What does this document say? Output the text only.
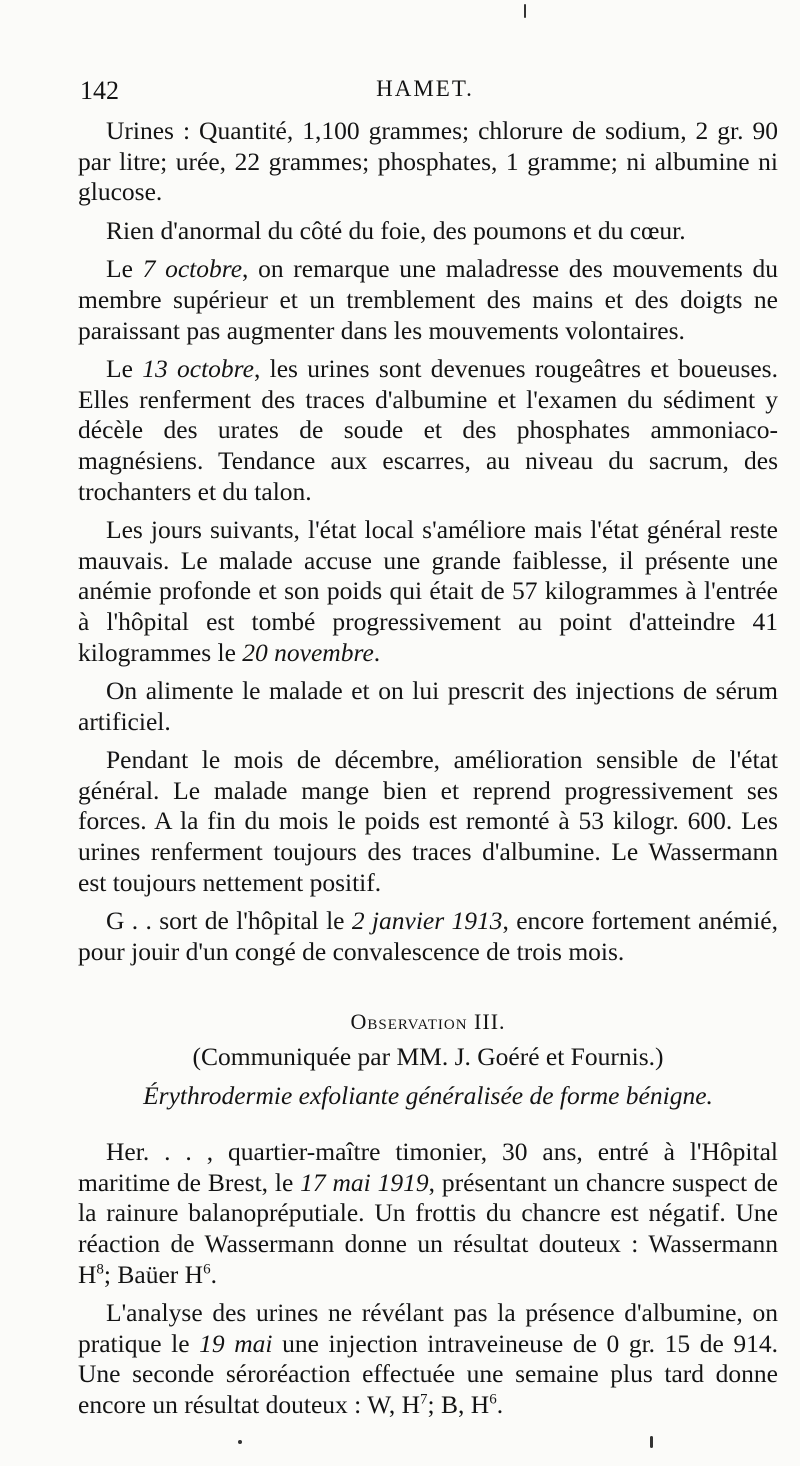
142	HAMET.

Urines : Quantité, 1,100 grammes; chlorure de sodium, 2 gr. 90 par litre; urée, 22 grammes; phosphates, 1 gramme; ni albumine ni glucose.

Rien d'anormal du côté du foie, des poumons et du cœur.

Le 7 octobre, on remarque une maladresse des mouvements du membre supérieur et un tremblement des mains et des doigts ne paraissant pas augmenter dans les mouvements volontaires.

Le 13 octobre, les urines sont devenues rougeâtres et boueuses. Elles renferment des traces d'albumine et l'examen du sédiment y décèle des urates de soude et des phosphates ammoniaco-magnésiens. Tendance aux escarres, au niveau du sacrum, des trochanters et du talon.

Les jours suivants, l'état local s'améliore mais l'état général reste mauvais. Le malade accuse une grande faiblesse, il présente une anémie profonde et son poids qui était de 57 kilogrammes à l'entrée à l'hôpital est tombé progressivement au point d'atteindre 41 kilogrammes le 20 novembre.

On alimente le malade et on lui prescrit des injections de sérum artificiel.

Pendant le mois de décembre, amélioration sensible de l'état général. Le malade mange bien et reprend progressivement ses forces. A la fin du mois le poids est remonté à 53 kilogr. 600. Les urines renferment toujours des traces d'albumine. Le Wassermann est toujours nettement positif.

G . . sort de l'hôpital le 2 janvier 1913, encore fortement anémié, pour jouir d'un congé de convalescence de trois mois.

Observation III.
(Communiquée par MM. J. Goéré et Fournis.)
Érythrodermie exfoliante généralisée de forme bénigne.

Her. . . , quartier-maître timonier, 30 ans, entré à l'Hôpital maritime de Brest, le 17 mai 1919, présentant un chancre suspect de la rainure balanopréputiale. Un frottis du chancre est négatif. Une réaction de Wassermann donne un résultat douteux : Wassermann $H^8$; Baüer $H^6$.

L'analyse des urines ne révélant pas la présence d'albumine, on pratique le 19 mai une injection intraveineuse de 0 gr. 15 de 914. Une seconde séroréaction effectuée une semaine plus tard donne encore un résultat douteux : W, $H^7$; B, $H^6$.
